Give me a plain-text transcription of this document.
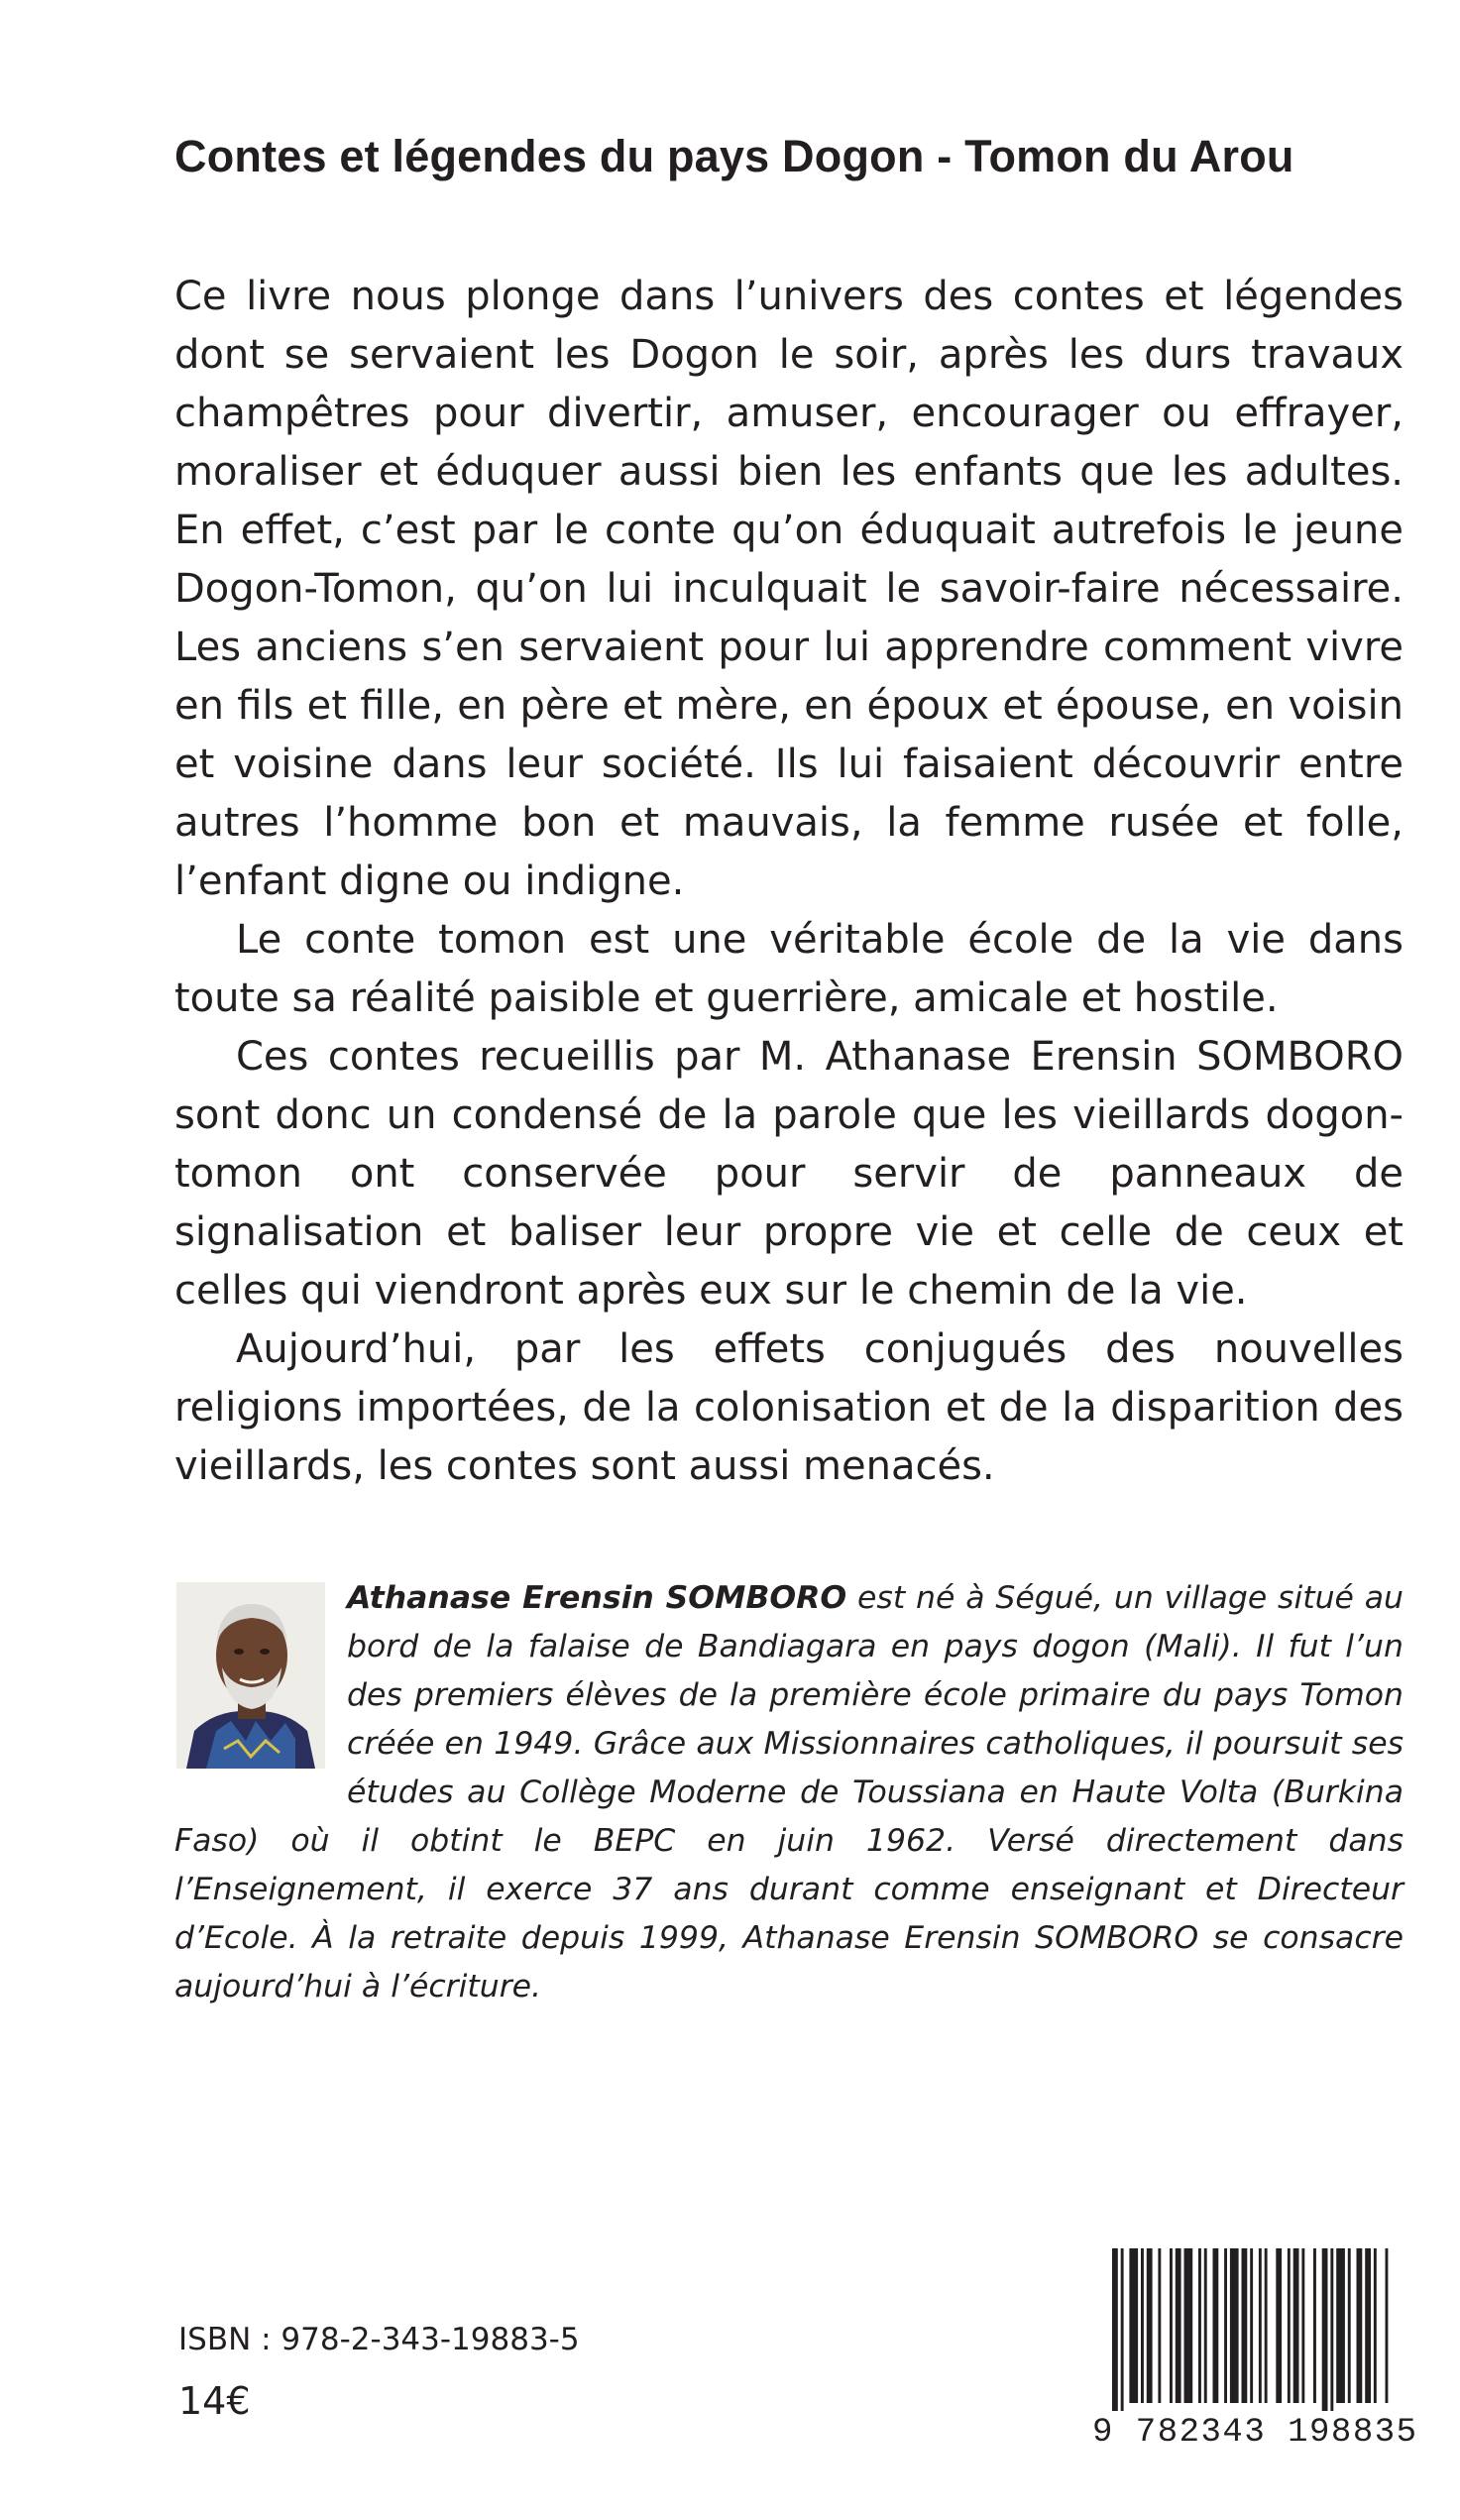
Contes et légendes du pays Dogon - Tomon du Arou

Ce livre nous plonge dans l’univers des contes et légendes dont se servaient les Dogon le soir, après les durs travaux champêtres pour divertir, amuser, encourager ou effrayer, moraliser et éduquer aussi bien les enfants que les adultes. En effet, c’est par le conte qu’on éduquait autrefois le jeune Dogon-Tomon, qu’on lui inculquait le savoir-faire nécessaire. Les anciens s’en servaient pour lui apprendre comment vivre en fils et fille, en père et mère, en époux et épouse, en voisin et voisine dans leur société. Ils lui faisaient découvrir entre autres l’homme bon et mauvais, la femme rusée et folle, l’enfant digne ou indigne.

Le conte tomon est une véritable école de la vie dans toute sa réalité paisible et guerrière, amicale et hostile.

Ces contes recueillis par M. Athanase Erensin SOMBORO sont donc un condensé de la parole que les vieillards dogon-tomon ont conservée pour servir de panneaux de signalisation et baliser leur propre vie et celle de ceux et celles qui viendront après eux sur le chemin de la vie.

Aujourd’hui, par les effets conjugués des nouvelles religions importées, de la colonisation et de la disparition des vieillards, les contes sont aussi menacés.

Athanase Erensin SOMBORO est né à Ségué, un village situé au bord de la falaise de Bandiagara en pays dogon (Mali). Il fut l’un des premiers élèves de la première école primaire du pays Tomon créée en 1949. Grâce aux Missionnaires catholiques, il poursuit ses études au Collège Moderne de Toussiana en Haute Volta (Burkina Faso) où il obtint le BEPC en juin 1962. Versé directement dans l’Enseignement, il exerce 37 ans durant comme enseignant et Directeur d’Ecole. À la retraite depuis 1999, Athanase Erensin SOMBORO se consacre aujourd’hui à l’écriture.
ISBN : 978-2-343-19883-5
14€
9 782343 198835
